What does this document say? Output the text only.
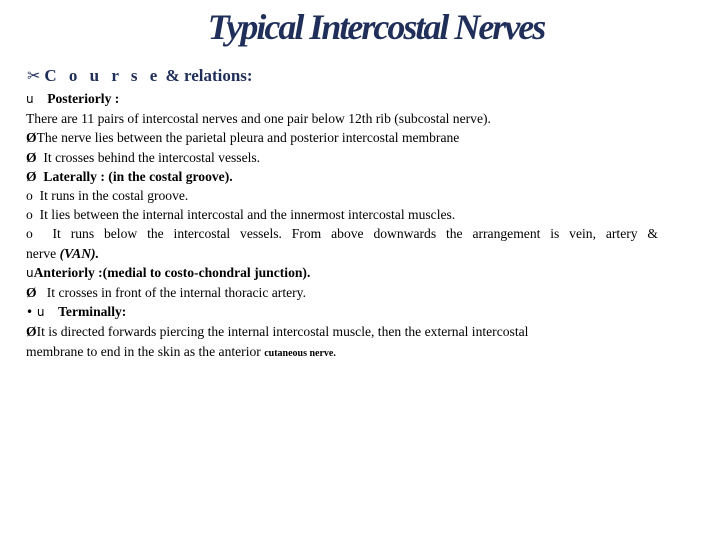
Typical Intercostal Nerves
✂ C o u r s e & relations:
u Posteriorly :
There are 11 pairs of intercostal nerves and one pair below 12th rib (subcostal nerve).
ØThe nerve lies between the parietal pleura and posterior intercostal membrane
Ø It crosses behind the intercostal vessels.
Ø Laterally : (in the costal groove).
o It runs in the costal groove.
o It lies between the internal intercostal and the innermost intercostal muscles.
o It runs below the intercostal vessels. From above downwards the arrangement is vein, artery &
nerve (VAN).
uAnteriorly :(medial to costo-chondral junction).
Ø It crosses in front of the internal thoracic artery.
• u Terminally:
ØIt is directed forwards piercing the internal intercostal muscle, then the external intercostal
membrane to end in the skin as the anterior cutaneous nerve.
